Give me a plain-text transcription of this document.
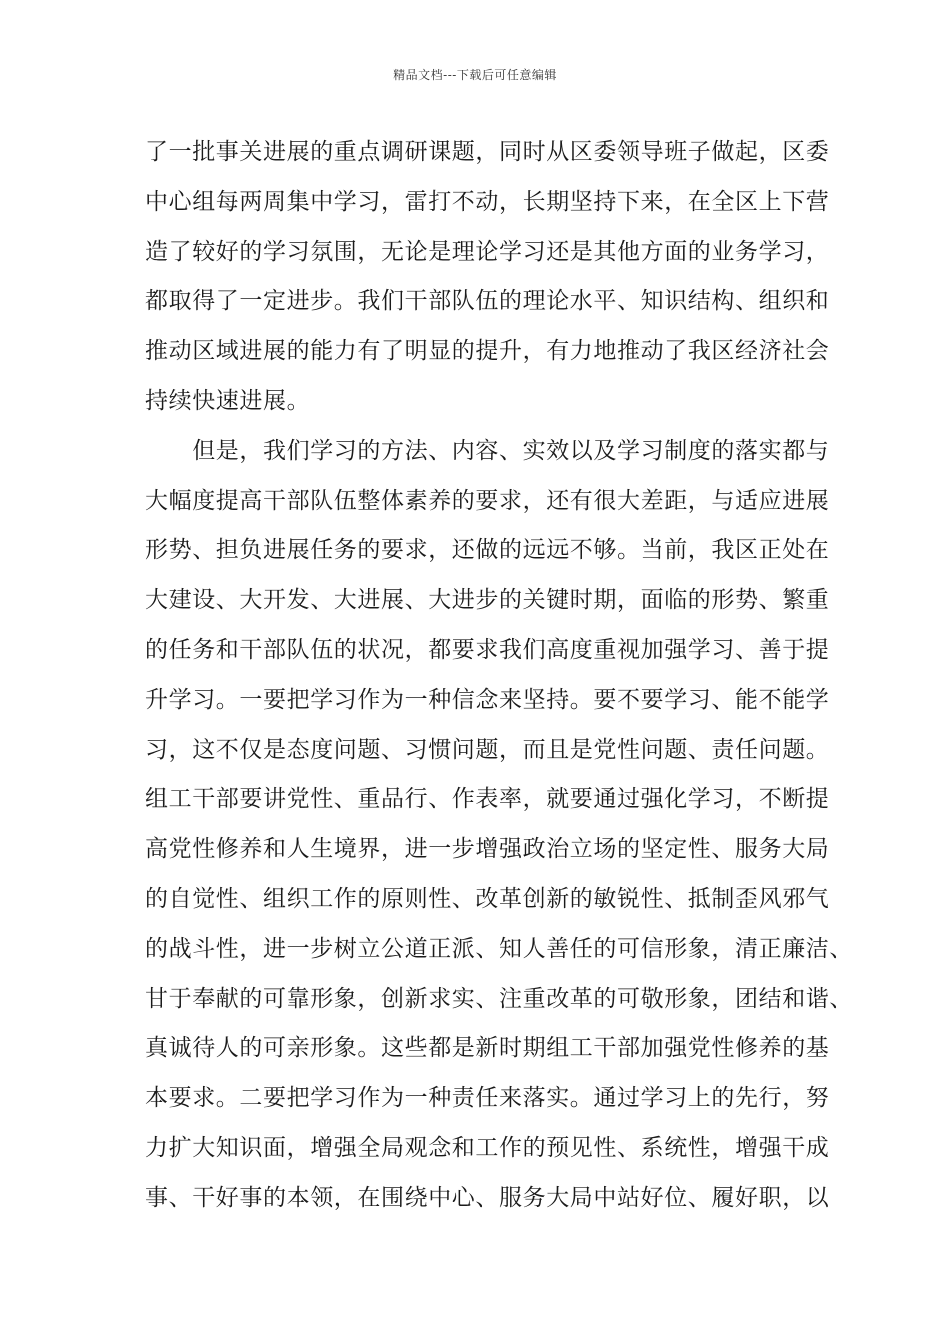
精品文档---下载后可任意编辑
了一批事关进展的重点调研课题，同时从区委领导班子做起，区委
中心组每两周集中学习，雷打不动，长期坚持下来，在全区上下营
造了较好的学习氛围，无论是理论学习还是其他方面的业务学习，
都取得了一定进步。我们干部队伍的理论水平、知识结构、组织和
推动区域进展的能力有了明显的提升，有力地推动了我区经济社会
持续快速进展。
　　但是，我们学习的方法、内容、实效以及学习制度的落实都与
大幅度提高干部队伍整体素养的要求，还有很大差距，与适应进展
形势、担负进展任务的要求，还做的远远不够。当前，我区正处在
大建设、大开发、大进展、大进步的关键时期，面临的形势、繁重
的任务和干部队伍的状况，都要求我们高度重视加强学习、善于提
升学习。一要把学习作为一种信念来坚持。要不要学习、能不能学
习，这不仅是态度问题、习惯问题，而且是党性问题、责任问题。
组工干部要讲党性、重品行、作表率，就要通过强化学习，不断提
高党性修养和人生境界，进一步增强政治立场的坚定性、服务大局
的自觉性、组织工作的原则性、改革创新的敏锐性、抵制歪风邪气
的战斗性，进一步树立公道正派、知人善任的可信形象，清正廉洁、
甘于奉献的可靠形象，创新求实、注重改革的可敬形象，团结和谐、
真诚待人的可亲形象。这些都是新时期组工干部加强党性修养的基
本要求。二要把学习作为一种责任来落实。通过学习上的先行，努
力扩大知识面，增强全局观念和工作的预见性、系统性，增强干成
事、干好事的本领，在围绕中心、服务大局中站好位、履好职，以
